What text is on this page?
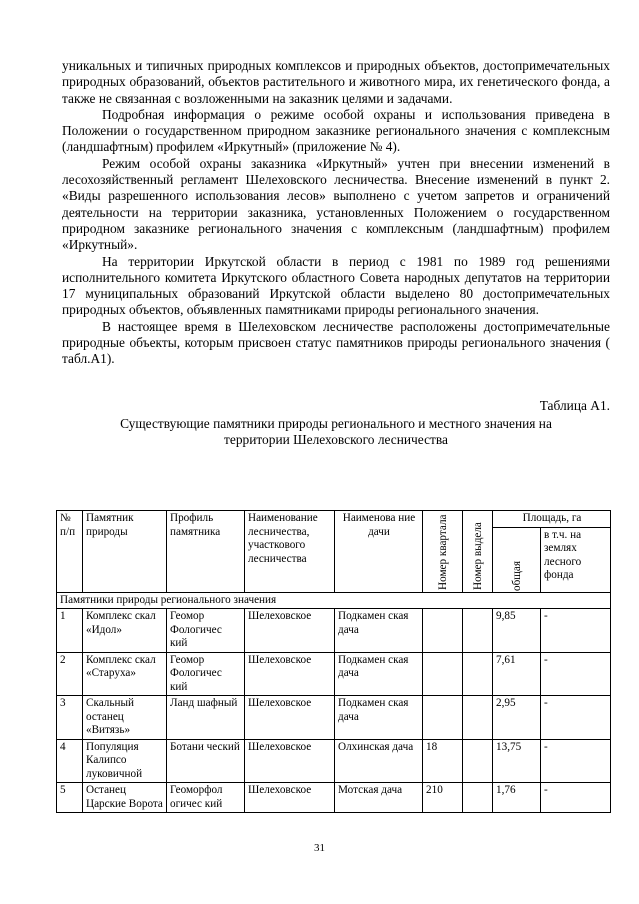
уникальных и типичных природных комплексов и природных объектов, достопримечательных природных образований, объектов растительного и животного мира, их генетического фонда, а также не связанная с возложенными на заказник целями и задачами.

Подробная информация о режиме особой охраны и использования приведена в Положении о государственном природном заказнике регионального значения с комплексным (ландшафтным) профилем «Иркутный» (приложение № 4).

Режим особой охраны заказника «Иркутный» учтен при внесении изменений в лесохозяйственный регламент Шелеховского лесничества. Внесение изменений в пункт 2. «Виды разрешенного использования лесов» выполнено с учетом запретов и ограничений деятельности на территории заказника, установленных Положением о государственном природном заказнике регионального значения с комплексным (ландшафтным) профилем «Иркутный».

На территории Иркутской области в период с 1981 по 1989 год решениями исполнительного комитета Иркутского областного Совета народных депутатов на территории 17 муниципальных образований Иркутской области выделено 80 достопримечательных природных объектов, объявленных памятниками природы регионального значения.

В настоящее время в Шелеховском лесничестве расположены достопримечательные природные объекты, которым присвоен статус памятников природы регионального значения ( табл.А1).

Таблица А1.
Существующие памятники природы регионального и местного значения на территории Шелеховского лесничества
№ п/п	Памятник природы	Профиль памятника	Наименование лесничества, участкового лесничества	Наименова ние дачи	Номер квартала	Номер выдела	Площадь, га	

							общая	в т.ч. на землях лесного фонда
Памятники природы регионального значения								
1	Комплекс скал «Идол»	Геомор Фологичес кий	Шелеховское	Подкамен ская дача			9,85	-
2	Комплекс скал «Старуха»	Геомор Фологичес кий	Шелеховское	Подкамен ская дача			7,61	-
3	Скальный останец «Витязь»	Ланд шафный	Шелеховское	Подкамен ская дача			2,95	-
4	Популяция Калипсо луковичной	Ботани ческий	Шелеховское	Олхинская дача	18		13,75	-
5	Останец Царские Ворота	Геоморфол огичес кий	Шелеховское	Мотская дача	210		1,76	-
31
